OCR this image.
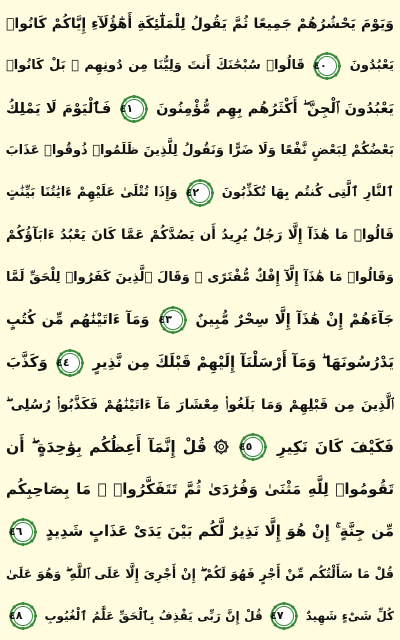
وَيَوْمَ يَحْشُرُهُمْ جَمِيعًا ثُمَّ يَقُولُ لِلْمَلَٰٓئِكَةِ أَهَٰٓؤُلَآءِ إِيَّاكُمْ كَانُوا۟
يَعْبُدُونَ
٤٠
قَالُوا۟ سُبْحَٰنَكَ أَنتَ وَلِيُّنَا مِن دُونِهِم ۖ بَلْ كَانُوا۟
يَعْبُدُونَ ٱلْجِنَّ ۖ أَكْثَرُهُم بِهِم مُّؤْمِنُونَ
٤١
فَٱلْيَوْمَ لَا يَمْلِكُ
بَعْضُكُمْ لِبَعْضٍ نَّفْعًا وَلَا ضَرًّا وَنَقُولُ لِلَّذِينَ ظَلَمُوا۟ ذُوقُوا۟ عَذَابَ
ٱلنَّارِ ٱلَّتِى كُنتُم بِهَا تُكَذِّبُونَ
٤٢
وَإِذَا تُتْلَىٰ عَلَيْهِمْ ءَايَٰتُنَا بَيِّنَٰتٍ
قَالُوا۟ مَا هَٰذَآ إِلَّا رَجُلٌ يُرِيدُ أَن يَصُدَّكُمْ عَمَّا كَانَ يَعْبُدُ ءَابَآؤُكُمْ
وَقَالُوا۟ مَا هَٰذَآ إِلَّآ إِفْكٌ مُّفْتَرًى ۚ وَقَالَ ٱلَّذِينَ كَفَرُوا۟ لِلْحَقِّ لَمَّا
جَآءَهُمْ إِنْ هَٰذَآ إِلَّا سِحْرٌ مُّبِينٌ
٤٣
وَمَآ ءَاتَيْنَٰهُم مِّن كُتُبٍ
يَدْرُسُونَهَا ۖ وَمَآ أَرْسَلْنَآ إِلَيْهِمْ قَبْلَكَ مِن نَّذِيرٍ
٤٤
وَكَذَّبَ
ٱلَّذِينَ مِن قَبْلِهِمْ وَمَا بَلَغُوا۟ مِعْشَارَ مَآ ءَاتَيْنَٰهُمْ فَكَذَّبُوا۟ رُسُلِى ۖ
فَكَيْفَ كَانَ نَكِيرِ
٤٥
۞ قُلْ إِنَّمَآ أَعِظُكُم بِوَٰحِدَةٍ ۖ أَن
تَقُومُوا۟ لِلَّهِ مَثْنَىٰ وَفُرَٰدَىٰ ثُمَّ تَتَفَكَّرُوا۟ ۚ مَا بِصَاحِبِكُم
مِّن جِنَّةٍ ۚ إِنْ هُوَ إِلَّا نَذِيرٌ لَّكُم بَيْنَ يَدَىْ عَذَابٍ شَدِيدٍ
٤٦
قُلْ مَا سَأَلْتُكُم مِّنْ أَجْرٍ فَهُوَ لَكُمْ ۖ إِنْ أَجْرِىَ إِلَّا عَلَى ٱللَّهِ ۖ وَهُوَ عَلَىٰ
كُلِّ شَىْءٍ شَهِيدٌ
٤٧
قُلْ إِنَّ رَبِّى يَقْذِفُ بِٱلْحَقِّ عَلَّٰمُ ٱلْغُيُوبِ
٤٨
